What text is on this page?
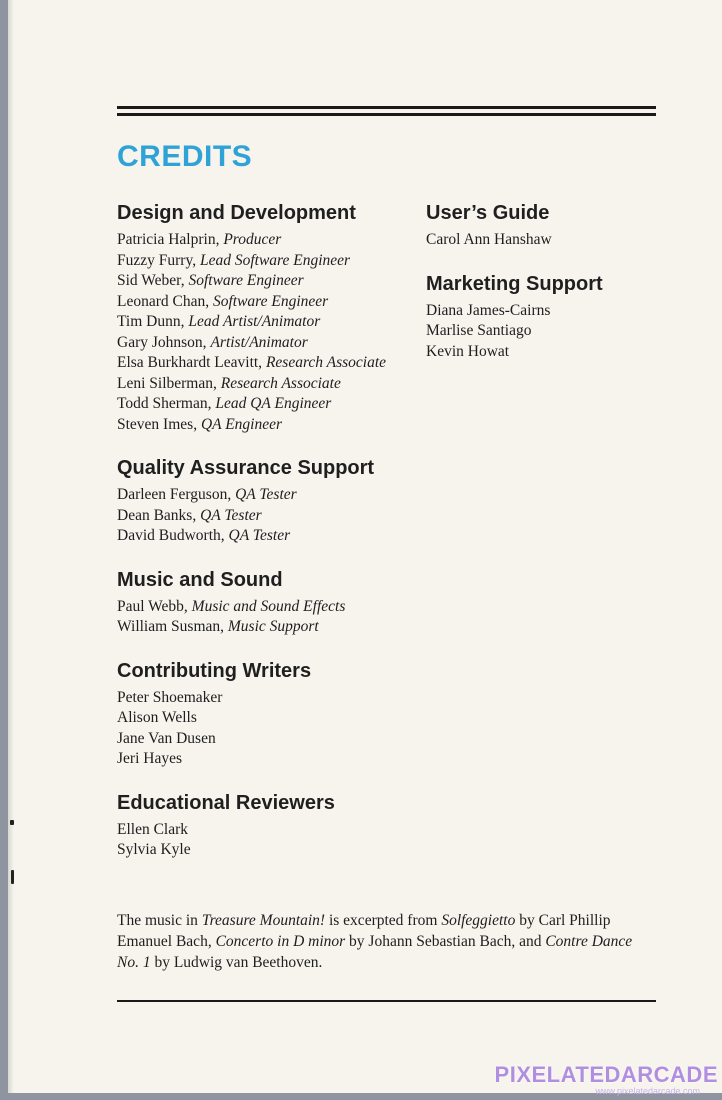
CREDITS
Design and Development
Patricia Halprin, Producer
Fuzzy Furry, Lead Software Engineer
Sid Weber, Software Engineer
Leonard Chan, Software Engineer
Tim Dunn, Lead Artist/Animator
Gary Johnson, Artist/Animator
Elsa Burkhardt Leavitt, Research Associate
Leni Silberman, Research Associate
Todd Sherman, Lead QA Engineer
Steven Imes, QA Engineer
Quality Assurance Support
Darleen Ferguson, QA Tester
Dean Banks, QA Tester
David Budworth, QA Tester
Music and Sound
Paul Webb, Music and Sound Effects
William Susman, Music Support
Contributing Writers
Peter Shoemaker
Alison Wells
Jane Van Dusen
Jeri Hayes
Educational Reviewers
Ellen Clark
Sylvia Kyle
User’s Guide
Carol Ann Hanshaw
Marketing Support
Diana James-Cairns
Marlise Santiago
Kevin Howat

The music in Treasure Mountain! is excerpted from Solfeggietto by Carl Phillip Emanuel Bach, Concerto in D minor by Johann Sebastian Bach, and Contre Dance No. 1 by Ludwig van Beethoven.

PIXELATEDARCADE
www.pixelatedarcade.com
